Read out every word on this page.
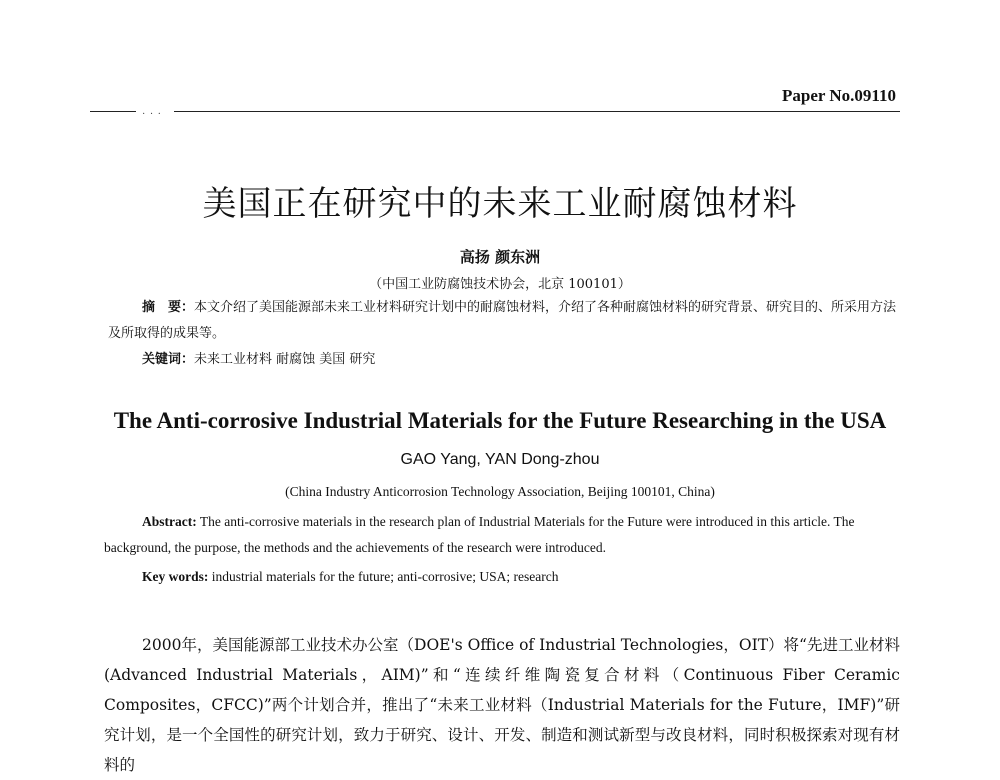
Paper No.09110
· · ·
美国正在研究中的未来工业耐腐蚀材料
高扬 颜东洲
（中国工业防腐蚀技术协会，北京 100101）
摘　要：本文介绍了美国能源部未来工业材料研究计划中的耐腐蚀材料，介绍了各种耐腐蚀材料的研究背景、研究目的、所采用方法及所取得的成果等。
关键词：未来工业材料 耐腐蚀 美国 研究
The Anti-corrosive Industrial Materials for the Future Researching in the USA
GAO Yang, YAN Dong-zhou
(China Industry Anticorrosion Technology Association, Beijing 100101, China)
Abstract: The anti-corrosive materials in the research plan of Industrial Materials for the Future were introduced in this article. The background, the purpose, the methods and the achievements of the research were introduced.
Key words: industrial materials for the future; anti-corrosive; USA; research
2000年，美国能源部工业技术办公室（DOE's Office of Industrial Technologies，OIT）将“先进工业材料(Advanced Industrial Materials，AIM)”和“连续纤维陶瓷复合材料（Continuous Fiber Ceramic Composites，CFCC)”两个计划合并，推出了“未来工业材料（Industrial Materials for the Future，IMF)”研究计划，是一个全国性的研究计划，致力于研究、设计、开发、制造和测试新型与改良材料，同时积极探索对现有材料的
